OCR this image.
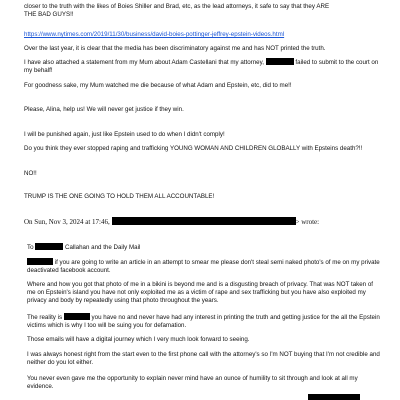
closer to the truth with the likes of Boies Shiller and Brad, etc, as the lead attorneys, it safe to say that they ARE
THE BAD GUYS!!

https://www.nytimes.com/2019/11/30/business/david-boies-pottinger-jeffrey-epstein-videos.html

Over the last year, it is clear that the media has been discriminatory against me and has NOT printed the truth.

I have also attached a statement from my Mum about Adam Castellani that my attorney,	failed to submit to the court on my behalf!

For goodness sake, my Mum watched me die because of what Adam and Epstein, etc, did to me!!

Please, Alina, help us! We will never get justice if they win.

I will be punished again, just like Epstein used to do when I didn't comply!

Do you think they ever stopped raping and trafficking YOUNG WOMAN AND CHILDREN GLOBALLY with Epsteins death?!!

NO!!

TRUMP IS THE ONE GOING TO HOLD THEM ALL ACCOUNTABLE!

On Sun, Nov 3, 2024 at 17:46,	> wrote:

To	Callahan and the Daily Mail

if you are going to write an article in an attempt to smear me please don't steal semi naked photo's of me on my private deactivated facebook account.

Where and how you got that photo of me in a bikini is beyond me and is a disgusting breach of privacy. That was NOT taken of me on Epstein's island you have not only exploited me as a victim of rape and sex trafficking but you have also exploited my privacy and body by repeatedly using that photo throughout the years.

The reality is	you have no and never have had any interest in printing the truth and getting justice for the all the Epstein victims which is why I too will be suing you for defamation.

Those emails will have a digital journey which I very much look forward to seeing.

I was always honest right from the start even to the first phone call with the attorney's so I'm NOT buying that I'm not credible and neither do you lot either.

You never even gave me the opportunity to explain never mind have an ounce of humility to sit through and look at all my evidence.
